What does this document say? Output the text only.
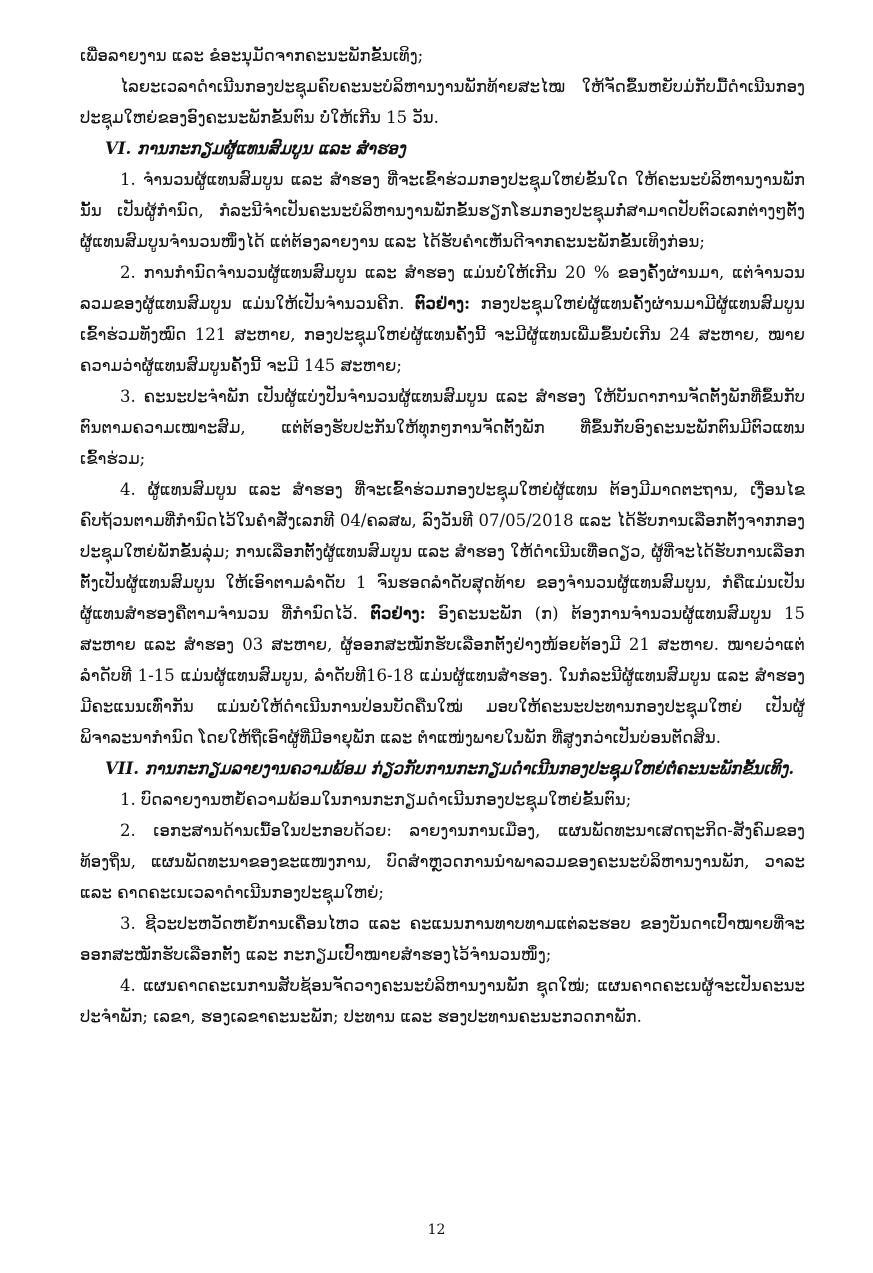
ເພື່ອລາຍງານ ແລະ ຂໍອະນຸມັດຈາກຄະນະພັກຂັ້ນເທິງ;

ໄລຍະເວລາດຳເນີນກອງປະຊຸມຄົບຄະນະບໍລິຫານງານພັກທ້າຍສະໄໝ ໃຫ້ຈັດຂຶ້ນຫຍັບມ່ກັບມື້ດຳເນີນກອງປະຊຸມໃຫຍ່ຂອງອົງຄະນະພັກຂັ້ນຕົນ ບໍ່ໃຫ້ເກີນ 15 ວັນ.

VI. ການກະກຽມຜູ້ແທນສົມບູນ ແລະ ສຳຮອງ

1. ຈຳນວນຜູ້ແທນສົມບູນ ແລະ ສຳຮອງ ທີ່ຈະເຂົ້າຮ່ວມກອງປະຊຸມໃຫຍ່ຂັ້ນໃດ ໃຫ້ຄະນະບໍລິຫານງານພັກນັ້ນ ເປັນຜູ້ກຳນົດ, ກໍລະນີຈຳເປັນຄະນະບໍລິຫານງານພັກຂັ້ນຮຽກໂຮມກອງປະຊຸມກໍ່ສາມາດປັບຕົວເລກຕ່າງໆຕັ້ງຜູ້ແທນສົມບູນຈຳນວນໜຶ່ງໄດ້ ແຕ່ຕ້ອງລາຍງານ ແລະ ໄດ້ຮັບຄຳເຫັນດີຈາກຄະນະພັກຂັ້ນເທິງກ່ອນ;

2. ການກຳນົດຈຳນວນຜູ້ແທນສົມບູນ ແລະ ສຳຮອງ ແມ່ນບໍ່ໃຫ້ເກີນ 20 % ຂອງຄັ້ງຜ່ານມາ, ແຕ່ຈຳນວນລວມຂອງຜູ້ແທນສົມບູນ ແມ່ນໃຫ້ເປັນຈຳນວນຄີກ. ຕົວຢ່າງ: ກອງປະຊຸມໃຫຍ່ຜູ້ແທນຄັ້ງຜ່ານມາມີຜູ້ແທນສົມບູນເຂົ້າຮ່ວມທັງໝົດ 121 ສະຫາຍ, ກອງປະຊຸມໃຫຍ່ຜູ້ແທນຄັ້ງນີ້ ຈະມີຜູ້ແທນເພີ່ມຂຶ້ນບໍ່ເກີນ 24 ສະຫາຍ, ໝາຍຄວາມວ່າຜູ້ແທນສົມບູນຄັ້ງນີ້ ຈະມີ 145 ສະຫາຍ;

3. ຄະນະປະຈຳພັກ ເປັນຜູ້ແບ່ງປັນຈຳນວນຜູ້ແທນສົມບູນ ແລະ ສຳຮອງ ໃຫ້ບັນດາການຈັດຕັ້ງພັກທີ່ຂຶ້ນກັບຕົນຕາມຄວາມເໝາະສົມ, ແຕ່ຕ້ອງຮັບປະກັນໃຫ້ທຸກໆການຈັດຕັ້ງພັກ ທີ່ຂຶ້ນກັບອົງຄະນະພັກຕົນມີຕົວແທນເຂົ້າຮ່ວມ;

4. ຜູ້ແທນສົມບູນ ແລະ ສຳຮອງ ທີ່ຈະເຂົ້າຮ່ວມກອງປະຊຸມໃຫຍ່ຜູ້ແທນ ຕ້ອງມີມາດຕະຖານ, ເງື່ອນໄຂຄົບຖ້ວນຕາມທີ່ກຳນົດໄວ້ໃນຄຳສັ່ງເລກທີ 04/ຄລສພ, ລົງວັນທີ 07/05/2018 ແລະ ໄດ້ຮັບການເລືອກຕັ້ງຈາກກອງປະຊຸມໃຫຍ່ພັກຂັ້ນລຸ່ມ; ການເລືອກຕັ້ງຜູ້ແທນສົມບູນ ແລະ ສຳຮອງ ໃຫ້ດຳເນີນເທື່ອດຽວ, ຜູ້ທີ່ຈະໄດ້ຮັບການເລືອກຕັ້ງເປັນຜູ້ແທນສົມບູນ ໃຫ້ເອົາຕາມລຳດັບ 1 ຈົນຮອດລຳດັບສຸດທ້າຍ ຂອງຈຳນວນຜູ້ແທນສົມບູນ, ກໍຄືແມ່ນເປັນຜູ້ແທນສຳຮອງຄືຕາມຈຳນວນ ທີ່ກຳນົດໄວ້. ຕົວຢ່າງ: ອົງຄະນະພັກ (ກ) ຕ້ອງການຈຳນວນຜູ້ແທນສົມບູນ 15 ສະຫາຍ ແລະ ສຳຮອງ 03 ສະຫາຍ, ຜູ້ອອກສະໝັກຮັບເລືອກຕັ້ງຢ່າງໜ້ອຍຕ້ອງມີ 21 ສະຫາຍ. ໝາຍວ່າແຕ່ລຳດັບທີ 1-15 ແມ່ນຜູ້ແທນສົມບູນ, ລຳດັບທີ16-18 ແມ່ນຜູ້ແທນສຳຮອງ. ໃນກໍລະນີຜູ້ແທນສົມບູນ ແລະ ສຳຮອງ ມີຄະແນນເທົ່າກັນ ແມ່ນບໍ່ໃຫ້ດຳເນີນການປ່ອນບັດຄືນໃໝ່ ມອບໃຫ້ຄະນະປະທານກອງປະຊຸມໃຫຍ່ ເປັນຜູ້ພິຈາລະນາກຳນົດ ໂດຍໃຫ້ຖືເອົາຜູ້ທີ່ມີອາຍຸພັກ ແລະ ຕຳແໜ່ງພາຍໃນພັກ ທີ່ສູງກວ່າເປັນບ່ອນຕັດສິນ.

VII. ການກະກຽມລາຍງານຄວາມພ້ອມ ກ່ຽວກັບການກະກຽມດຳເນີນກອງປະຊຸມໃຫຍ່ຕໍ່ຄະນະພັກຂັ້ນເທິງ.

1. ບົດລາຍງານຫຍໍ້ຄວາມພ້ອມໃນການກະກຽມດຳເນີນກອງປະຊຸມໃຫຍ່ຂັ້ນຕົນ;

2. ເອກະສານດ້ານເນື້ອໃນປະກອບດ້ວຍ: ລາຍງານການເມືອງ, ແຜນພັດທະນາເສດຖະກິດ-ສັງຄົມຂອງທ້ອງຖິ່ນ, ແຜນພັດທະນາຂອງຂະແໜງການ, ບົດສໍາຫຼວດການນໍາພາລວມຂອງຄະນະບໍລິຫານງານພັກ, ວາລະ ແລະ ຄາດຄະເນເວລາດຳເນີນກອງປະຊຸມໃຫຍ່;

3. ຊີວະປະຫວັດຫຍໍ້ການເຄື່ອນໄຫວ ແລະ ຄະແນນການທາບທາມແຕ່ລະຮອບ ຂອງບັນດາເປົ້າໝາຍທີ່ຈະອອກສະໝັກຮັບເລືອກຕັ້ງ ແລະ ກະກຽມເປົ້າໝາຍສຳຮອງໄວ້ຈຳນວນໜຶ່ງ;

4. ແຜນຄາດຄະເນການສັບຊ້ອນຈັດວາງຄະນະບໍລິຫານງານພັກ ຊຸດໃໝ່; ແຜນຄາດຄະເນຜູ້ຈະເປັນຄະນະປະຈຳພັກ; ເລຂາ, ຮອງເລຂາຄະນະພັກ; ປະທານ ແລະ ຮອງປະທານຄະນະກວດກາພັກ.

12
